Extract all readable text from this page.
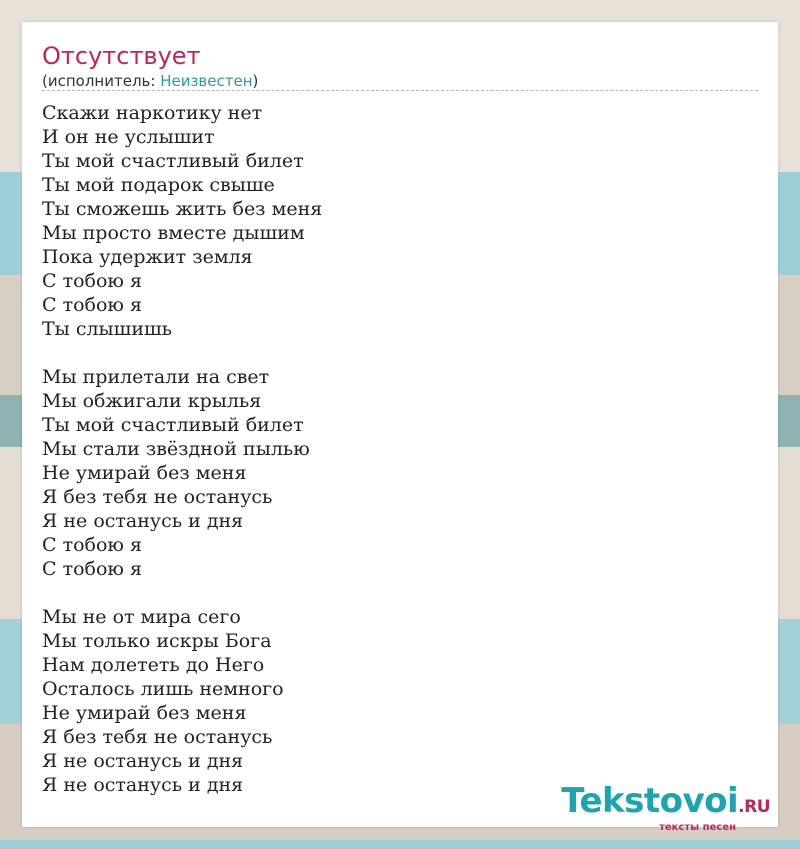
Отсутствует
(исполнитель: Неизвестен)
Скажи наркотику нет
И он не услышит
Ты мой счастливый билет
Ты мой подарок свыше
Ты сможешь жить без меня
Мы просто вместе дышим
Пока удержит земля
С тобою я
С тобою я
Ты слышишь
Мы прилетали на свет
Мы обжигали крылья
Ты мой счастливый билет
Мы стали звёздной пылью
Не умирай без меня
Я без тебя не останусь
Я не останусь и дня
С тобою я
С тобою я
Мы не от мира сего
Мы только искры Бога
Нам долететь до Него
Осталось лишь немного
Не умирай без меня
Я без тебя не останусь
Я не останусь и дня
Я не останусь и дня	Tekstovoi.RU
тексты песен
